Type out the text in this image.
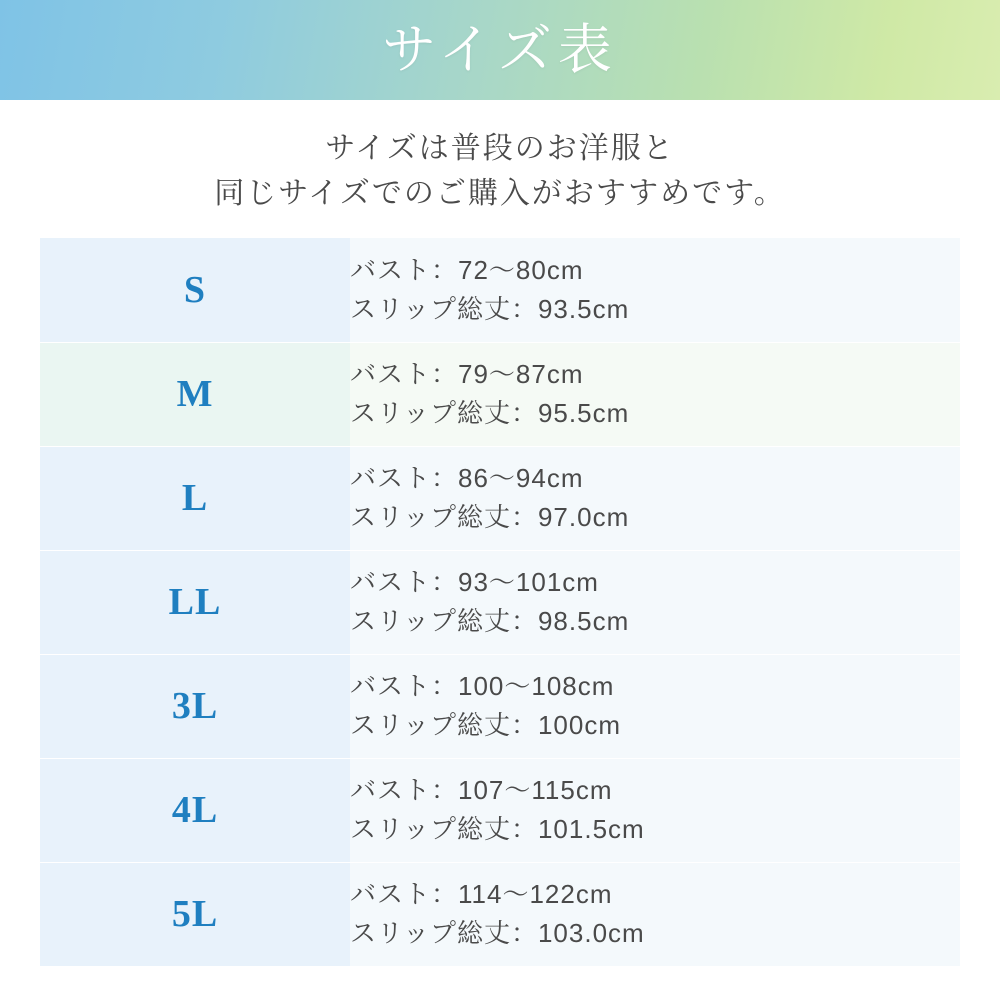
サイズ表
サイズは普段のお洋服と
同じサイズでのご購入がおすすめです。
S	バスト：72〜80cm
スリップ総丈：93.5cm

M	バスト：79〜87cm
スリップ総丈：95.5cm

L	バスト：86〜94cm
スリップ総丈：97.0cm

LL	バスト：93〜101cm
スリップ総丈：98.5cm

3L	バスト：100〜108cm
スリップ総丈：100cm

4L	バスト：107〜115cm
スリップ総丈：101.5cm

5L	バスト：114〜122cm
スリップ総丈：103.0cm
